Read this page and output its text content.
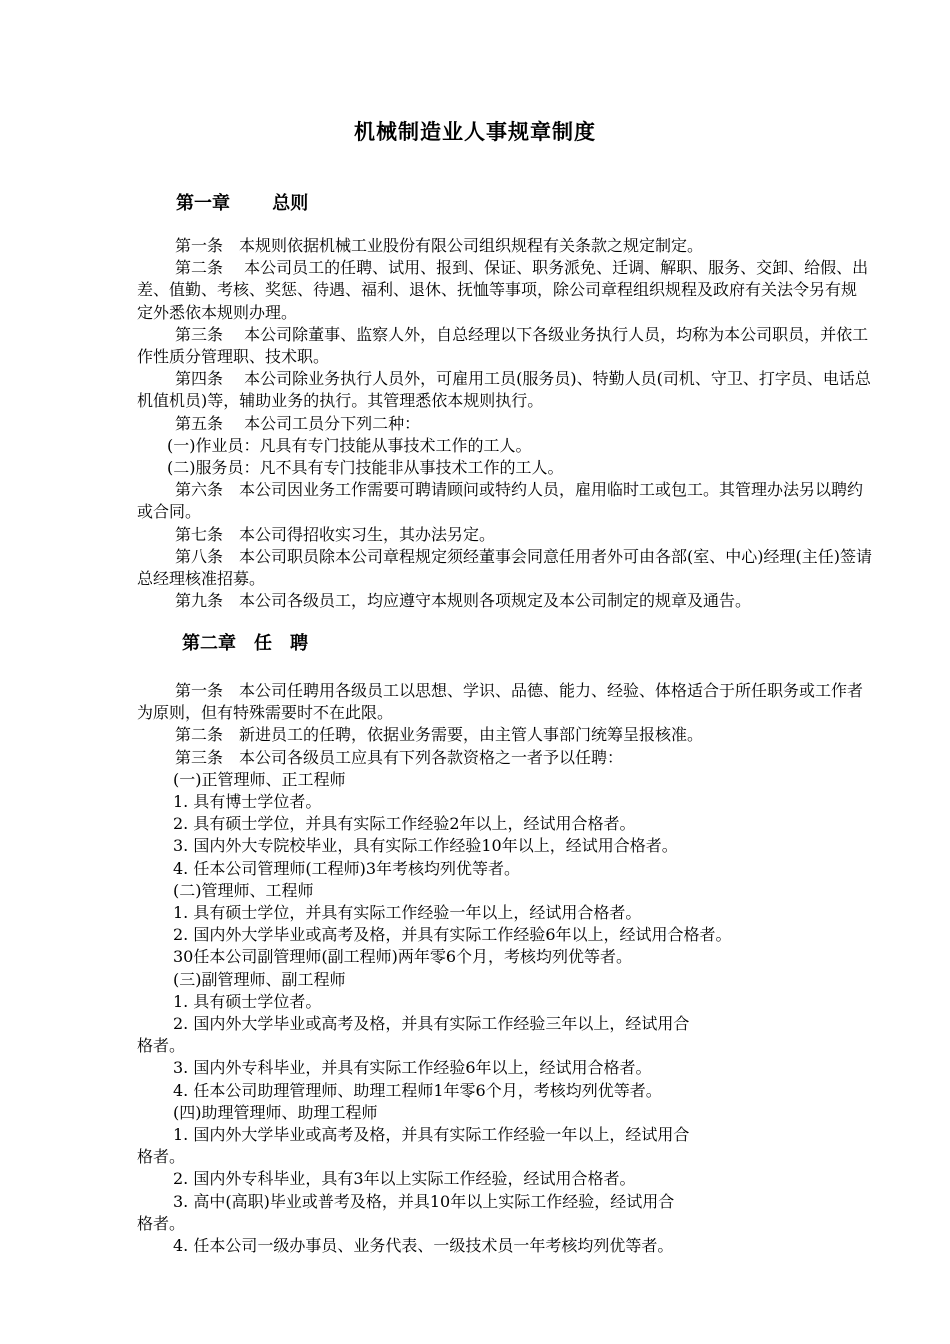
机械制造业人事规章制度
第一章　　 总则

第一条　本规则依据机械工业股份有限公司组织规程有关条款之规定制定。

第二条　 本公司员工的任聘、试用、报到、保证、职务派免、迁调、解职、服务、交卸、给假、出差、值勤、考核、奖惩、待遇、福利、退休、抚恤等事项，除公司章程组织规程及政府有关法令另有规定外悉依本规则办理。

第三条　 本公司除董事、监察人外，自总经理以下各级业务执行人员，均称为本公司职员，并依工作性质分管理职、技术职。

第四条　 本公司除业务执行人员外，可雇用工员(服务员)、特勤人员(司机、守卫、打字员、电话总机值机员)等，辅助业务的执行。其管理悉依本规则执行。

第五条　 本公司工员分下列二种：

(一)作业员：凡具有专门技能从事技术工作的工人。

(二)服务员：凡不具有专门技能非从事技术工作的工人。

第六条　本公司因业务工作需要可聘请顾问或特约人员，雇用临时工或包工。其管理办法另以聘约或合同。

第七条　本公司得招收实习生，其办法另定。

第八条　本公司职员除本公司章程规定须经董事会同意任用者外可由各部(室、中心)经理(主任)签请总经理核准招募。

第九条　本公司各级员工，均应遵守本规则各项规定及本公司制定的规章及通告。

第二章　任　聘

第一条　本公司任聘用各级员工以思想、学识、品德、能力、经验、体格适合于所任职务或工作者为原则，但有特殊需要时不在此限。

第二条　新进员工的任聘，依据业务需要，由主管人事部门统筹呈报核准。

第三条　本公司各级员工应具有下列各款资格之一者予以任聘：

(一)正管理师、正工程师

1. 具有博士学位者。

2. 具有硕士学位，并具有实际工作经验2年以上，经试用合格者。

3. 国内外大专院校毕业，具有实际工作经验10年以上，经试用合格者。

4. 任本公司管理师(工程师)3年考核均列优等者。

(二)管理师、工程师

1. 具有硕士学位，并具有实际工作经验一年以上，经试用合格者。

2. 国内外大学毕业或高考及格，并具有实际工作经验6年以上，经试用合格者。

30任本公司副管理师(副工程师)两年零6个月，考核均列优等者。

(三)副管理师、副工程师

1. 具有硕士学位者。

2. 国内外大学毕业或高考及格，并具有实际工作经验三年以上，经试用合

格者。

3. 国内外专科毕业，并具有实际工作经验6年以上，经试用合格者。

4. 任本公司助理管理师、助理工程师1年零6个月，考核均列优等者。

(四)助理管理师、助理工程师

1. 国内外大学毕业或高考及格，并具有实际工作经验一年以上，经试用合

格者。

2. 国内外专科毕业，具有3年以上实际工作经验，经试用合格者。

3. 高中(高职)毕业或普考及格，并具10年以上实际工作经验，经试用合

格者。

4. 任本公司一级办事员、业务代表、一级技术员一年考核均列优等者。
